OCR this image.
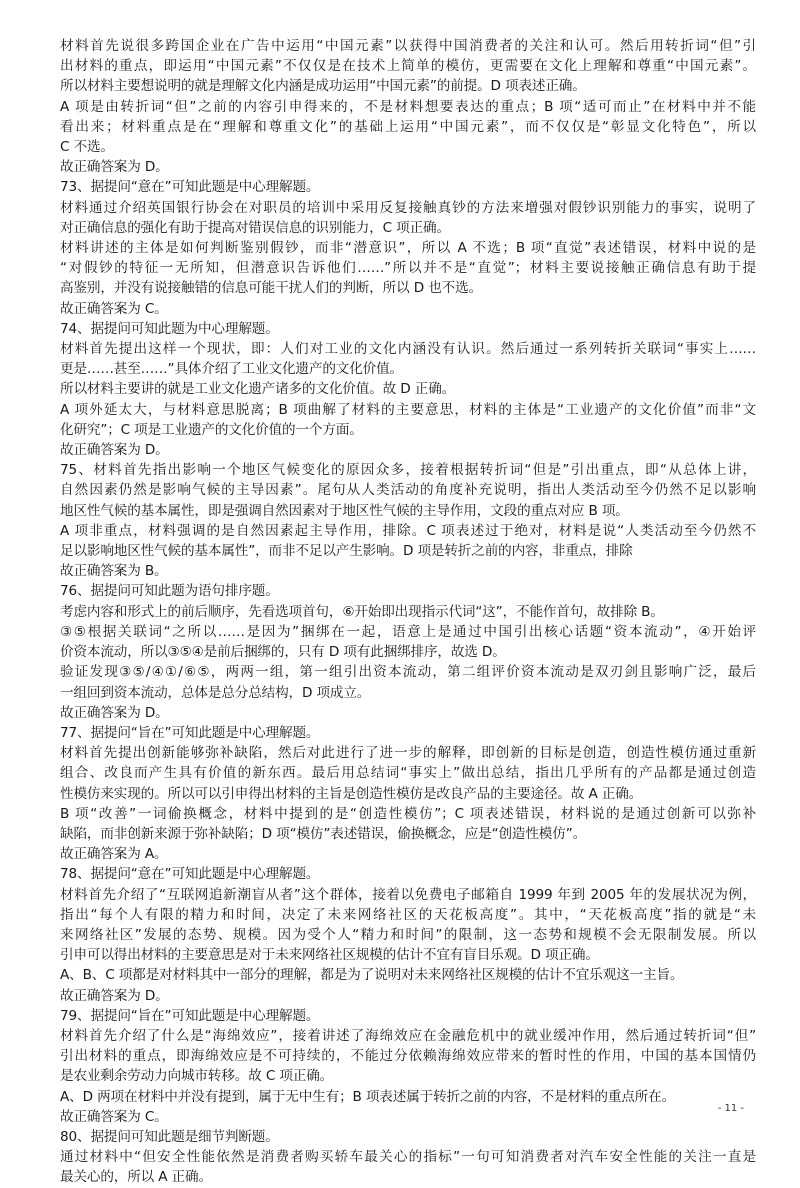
材料首先说很多跨国企业在广告中运用“中国元素”以获得中国消费者的关注和认可。然后用转折词“但”引
出材料的重点，即运用“中国元素”不仅仅是在技术上简单的模仿，更需要在文化上理解和尊重“中国元素”。
所以材料主要想说明的就是理解文化内涵是成功运用“中国元素”的前提。D 项表述正确。
A 项是由转折词“但”之前的内容引申得来的，不是材料想要表达的重点；B 项“适可而止”在材料中并不能
看出来；材料重点是在“理解和尊重文化”的基础上运用“中国元素”，而不仅仅是“彰显文化特色”，所以
C 不选。
故正确答案为 D。
73、据提问“意在”可知此题是中心理解题。
材料通过介绍英国银行协会在对职员的培训中采用反复接触真钞的方法来增强对假钞识别能力的事实，说明了
对正确信息的强化有助于提高对错误信息的识别能力，C 项正确。
材料讲述的主体是如何判断鉴别假钞，而非“潜意识”，所以 A 不选；B 项“直觉”表述错误，材料中说的是
“对假钞的特征一无所知，但潜意识告诉他们……”所以并不是“直觉”；材料主要说接触正确信息有助于提
高鉴别，并没有说接触错的信息可能干扰人们的判断，所以 D 也不选。
故正确答案为 C。
74、据提问可知此题为中心理解题。
材料首先提出这样一个现状，即：人们对工业的文化内涵没有认识。然后通过一系列转折关联词“事实上……
更是……甚至……”具体介绍了工业文化遗产的文化价值。
所以材料主要讲的就是工业文化遗产诸多的文化价值。故 D 正确。
A 项外延太大，与材料意思脱离；B 项曲解了材料的主要意思，材料的主体是“工业遗产的文化价值”而非“文
化研究”；C 项是工业遗产的文化价值的一个方面。
故正确答案为 D。
75、材料首先指出影响一个地区气候变化的原因众多，接着根据转折词“但是”引出重点，即“从总体上讲，
自然因素仍然是影响气候的主导因素”。尾句从人类活动的角度补充说明，指出人类活动至今仍然不足以影响
地区性气候的基本属性，即是强调自然因素对于地区性气候的主导作用，文段的重点对应 B 项。
A 项非重点，材料强调的是自然因素起主导作用，排除。C 项表述过于绝对，材料是说“人类活动至今仍然不
足以影响地区性气候的基本属性”，而非不足以产生影响。D 项是转折之前的内容，非重点，排除
故正确答案为 B。
76、据提问可知此题为语句排序题。
考虑内容和形式上的前后顺序，先看选项首句，⑥开始即出现指示代词“这”，不能作首句，故排除 B。
③⑤根据关联词“之所以……是因为”捆绑在一起，语意上是通过中国引出核心话题“资本流动”，④开始评
价资本流动，所以③⑤④是前后捆绑的，只有 D 项有此捆绑排序，故选 D。
验证发现③⑤/④①/⑥⑤，两两一组，第一组引出资本流动，第二组评价资本流动是双刃剑且影响广泛，最后
一组回到资本流动，总体是总分总结构，D 项成立。
故正确答案为 D。
77、据提问“旨在”可知此题是中心理解题。
材料首先提出创新能够弥补缺陷，然后对此进行了进一步的解释，即创新的目标是创造，创造性模仿通过重新
组合、改良而产生具有价值的新东西。最后用总结词“事实上”做出总结，指出几乎所有的产品都是通过创造
性模仿来实现的。所以可以引申得出材料的主旨是创造性模仿是改良产品的主要途径。故 A 正确。
B 项“改善”一词偷换概念，材料中提到的是“创造性模仿”；C 项表述错误，材料说的是通过创新可以弥补
缺陷，而非创新来源于弥补缺陷；D 项“模仿”表述错误，偷换概念，应是“创造性模仿”。
故正确答案为 A。
78、据提问“意在”可知此题是中心理解题。
材料首先介绍了“互联网追新潮盲从者”这个群体，接着以免费电子邮箱自 1999 年到 2005 年的发展状况为例，
指出“每个人有限的精力和时间，决定了未来网络社区的天花板高度”。其中，“天花板高度”指的就是“未
来网络社区”发展的态势、规模。因为受个人“精力和时间”的限制，这一态势和规模不会无限制发展。所以
引申可以得出材料的主要意思是对于未来网络社区规模的估计不宜有盲目乐观。D 项正确。
A、B、C 项都是对材料其中一部分的理解，都是为了说明对未来网络社区规模的估计不宜乐观这一主旨。
故正确答案为 D。
79、据提问“旨在”可知此题是中心理解题。
材料首先介绍了什么是“海绵效应”，接着讲述了海绵效应在金融危机中的就业缓冲作用，然后通过转折词“但”
引出材料的重点，即海绵效应是不可持续的，不能过分依赖海绵效应带来的暂时性的作用，中国的基本国情仍
是农业剩余劳动力向城市转移。故 C 项正确。
A、D 两项在材料中并没有提到，属于无中生有；B 项表述属于转折之前的内容，不是材料的重点所在。
故正确答案为 C。
80、据提问可知此题是细节判断题。
通过材料中“但安全性能依然是消费者购买轿车最关心的指标”一句可知消费者对汽车安全性能的关注一直是
最关心的，所以 A 正确。
- 11 -
